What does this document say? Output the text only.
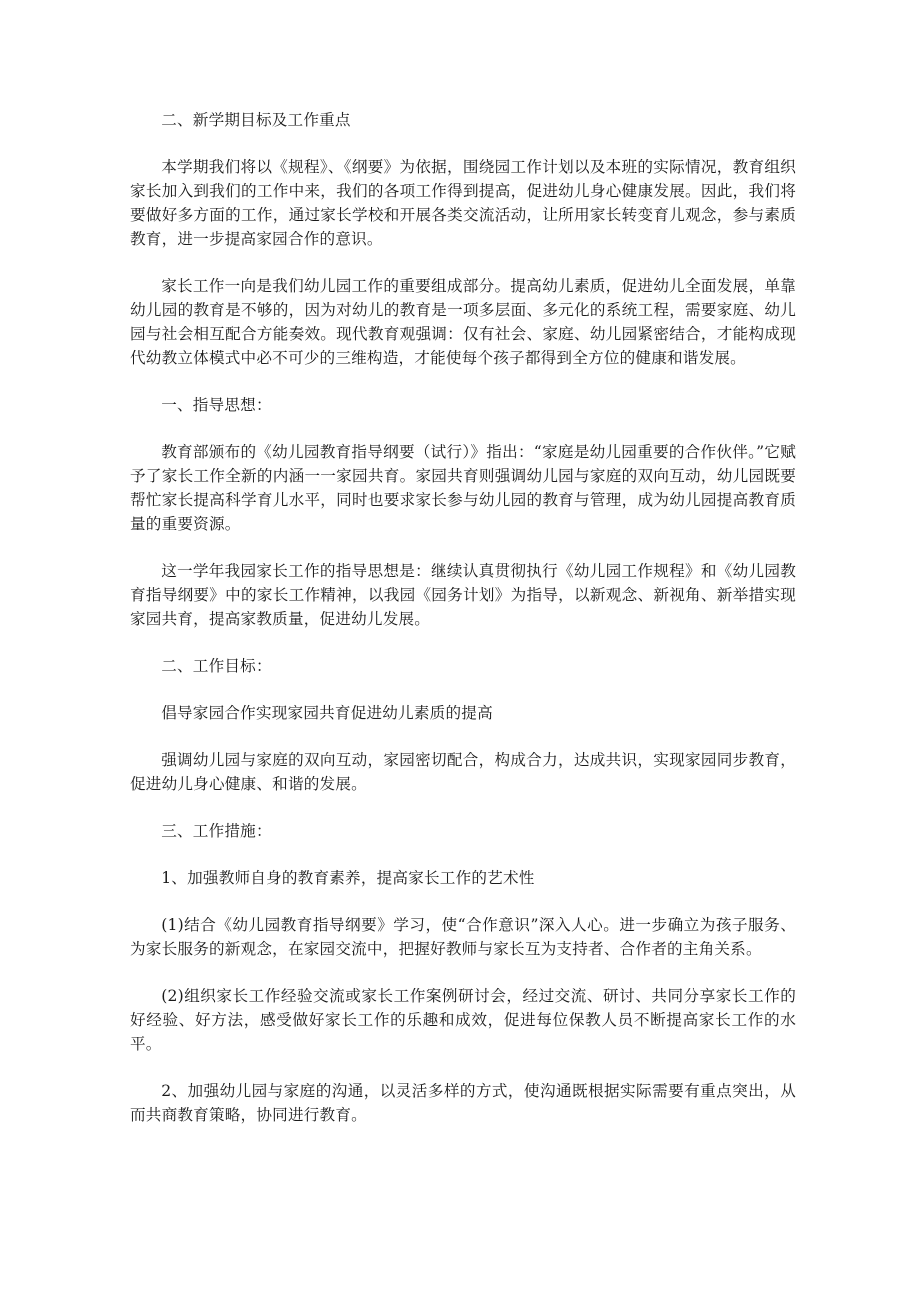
二、新学期目标及工作重点

本学期我们将以《规程》、《纲要》为依据，围绕园工作计划以及本班的实际情况，教育组织家长加入到我们的工作中来，我们的各项工作得到提高，促进幼儿身心健康发展。因此，我们将要做好多方面的工作，通过家长学校和开展各类交流活动，让所用家长转变育儿观念，参与素质教育，进一步提高家园合作的意识。

家长工作一向是我们幼儿园工作的重要组成部分。提高幼儿素质，促进幼儿全面发展，单靠幼儿园的教育是不够的，因为对幼儿的教育是一项多层面、多元化的系统工程，需要家庭、幼儿园与社会相互配合方能奏效。现代教育观强调：仅有社会、家庭、幼儿园紧密结合，才能构成现代幼教立体模式中必不可少的三维构造，才能使每个孩子都得到全方位的健康和谐发展。

一、指导思想：

教育部颁布的《幼儿园教育指导纲要（试行）》指出：“家庭是幼儿园重要的合作伙伴。”它赋予了家长工作全新的内涵一一家园共育。家园共育则强调幼儿园与家庭的双向互动，幼儿园既要帮忙家长提高科学育儿水平，同时也要求家长参与幼儿园的教育与管理，成为幼儿园提高教育质量的重要资源。

这一学年我园家长工作的指导思想是：继续认真贯彻执行《幼儿园工作规程》和《幼儿园教育指导纲要》中的家长工作精神，以我园《园务计划》为指导，以新观念、新视角、新举措实现家园共育，提高家教质量，促进幼儿发展。

二、工作目标：

倡导家园合作实现家园共育促进幼儿素质的提高

强调幼儿园与家庭的双向互动，家园密切配合，构成合力，达成共识，实现家园同步教育，促进幼儿身心健康、和谐的发展。

三、工作措施：

1、加强教师自身的教育素养，提高家长工作的艺术性

(1)结合《幼儿园教育指导纲要》学习，使“合作意识”深入人心。进一步确立为孩子服务、为家长服务的新观念，在家园交流中，把握好教师与家长互为支持者、合作者的主角关系。

(2)组织家长工作经验交流或家长工作案例研讨会，经过交流、研讨、共同分享家长工作的好经验、好方法，感受做好家长工作的乐趣和成效，促进每位保教人员不断提高家长工作的水平。

2、加强幼儿园与家庭的沟通，以灵活多样的方式，使沟通既根据实际需要有重点突出，从而共商教育策略，协同进行教育。
